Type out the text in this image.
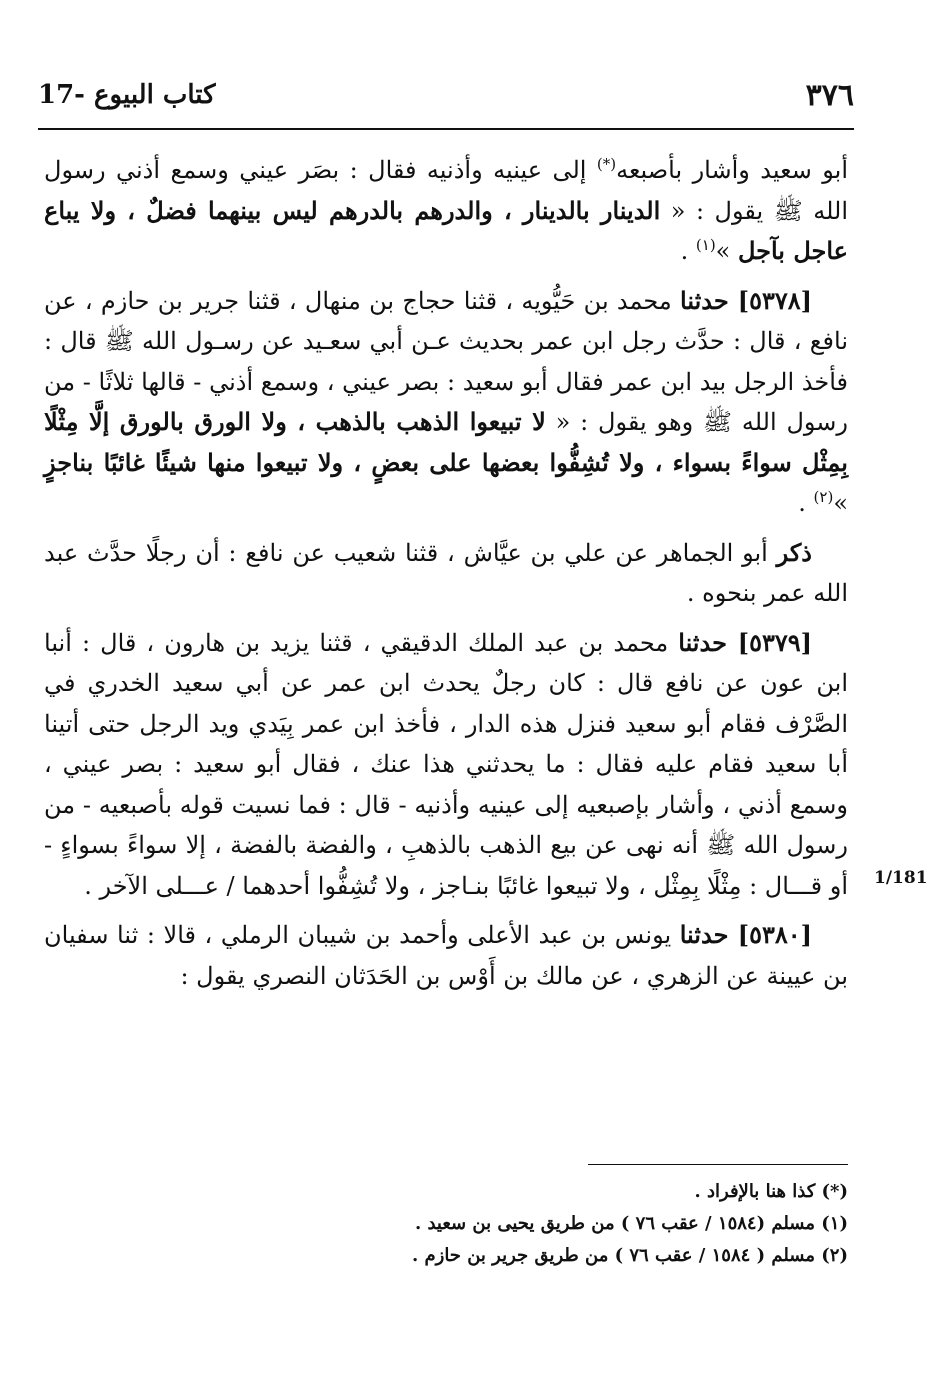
٣٧٦
17- كتاب البيوع

أبو سعيد وأشار بأصبعه(*) إلى عينيه وأذنيه فقال : بصَر عيني وسمع أذني رسول الله ﷺ يقول : « الدينار بالدينار ، والدرهم بالدرهم ليس بينهما فضلٌ ، ولا يباع عاجل بآجل »$^{(١)}$ .

[٥٣٧٨] حدثنا محمد بن حَيُّويه ، قثنا حجاج بن منهال ، قثنا جرير بن حازم ، عن نافع ، قال : حدَّث رجل ابن عمر بحديث عـن أبي سعـيد عن رسـول الله ﷺ قال : فأخذ الرجل بيد ابن عمر فقال أبو سعيد : بصر عيني ، وسمع أذني - قالها ثلاثًا - من رسول الله ﷺ وهو يقول : « لا تبيعوا الذهب بالذهب ، ولا الورق بالورق إلَّا مِثْلًا بِمِثْل سواءً بسواء ، ولا تُشِفُّوا بعضها على بعضٍ ، ولا تبيعوا منها شيئًا غائبًا بناجزٍ »$^{(٢)}$ .

ذكر أبو الجماهر عن علي بن عيَّاش ، قثنا شعيب عن نافع : أن رجلًا حدَّث عبد الله عمر بنحوه .

[٥٣٧٩] حدثنا محمد بن عبد الملك الدقيقي ، قثنا يزيد بن هارون ، قال : أنبا ابن عون عن نافع قال : كان رجلٌ يحدث ابن عمر عن أبي سعيد الخدري في الصَّرْف فقام أبو سعيد فنزل هذه الدار ، فأخذ ابن عمر بِيَدي ويد الرجل حتى أتينا أبا سعيد فقام عليه فقال : ما يحدثني هذا عنك ، فقال أبو سعيد : بصر عيني ، وسمع أذني ، وأشار بإصبعيه إلى عينيه وأذنيه - قال : فما نسيت قوله بأصبعيه - من رسول الله ﷺ أنه نهى عن بيع الذهب بالذهبِ ، والفضة بالفضة ، إلا سواءً بسواءٍ - أو قـــال : مِثْلًا بِمِثْل ، ولا تبيعوا غائبًا بنـاجز ، ولا تُشِفُّوا أحدهما / عـــلى الآخر .

[٥٣٨٠] حدثنا يونس بن عبد الأعلى وأحمد بن شيبان الرملي ، قالا : ثنا سفيان بن عيينة عن الزهري ، عن مالك بن أَوْس بن الحَدَثان النصري يقول :

1/181

(*) كذا هنا بالإفراد .

(١) مسلم (١٥٨٤ / عقب ٧٦ ) من طريق يحيى بن سعيد .

(٢) مسلم ( ١٥٨٤ / عقب ٧٦ ) من طريق جرير بن حازم .
